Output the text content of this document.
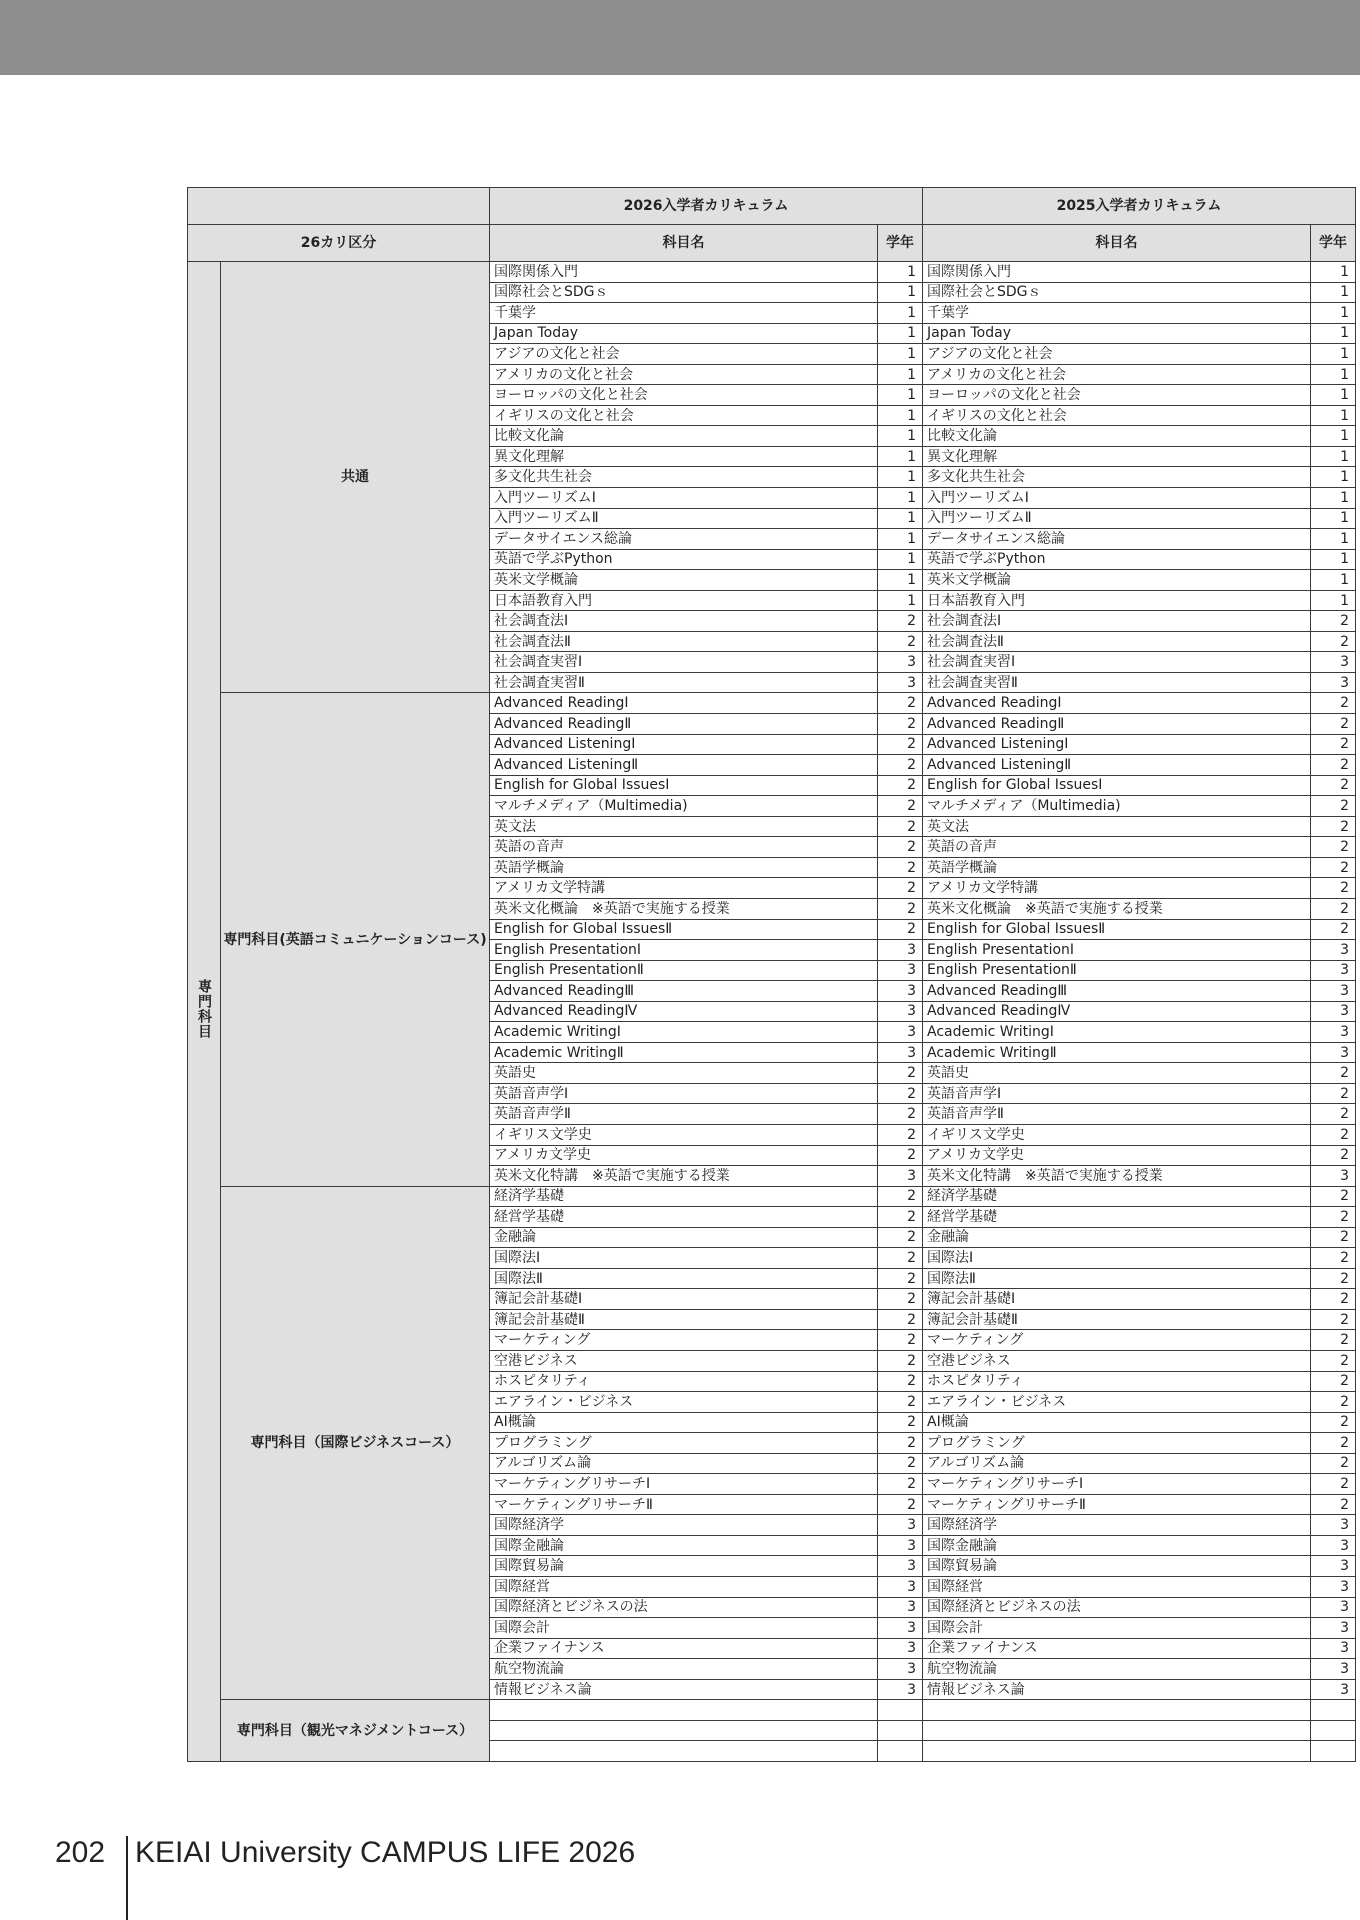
		2026入学者カリキュラム		2025入学者カリキュラム	
26カリ区分		科目名	学年	科目名	学年
専門科目	共通	国際関係入門	1	国際関係入門	1
		国際社会とSDGｓ	1	国際社会とSDGｓ	1
		千葉学	1	千葉学	1
		Japan Today	1	Japan Today	1
		アジアの文化と社会	1	アジアの文化と社会	1
		アメリカの文化と社会	1	アメリカの文化と社会	1
		ヨーロッパの文化と社会	1	ヨーロッパの文化と社会	1
		イギリスの文化と社会	1	イギリスの文化と社会	1
		比較文化論	1	比較文化論	1
		異文化理解	1	異文化理解	1
		多文化共生社会	1	多文化共生社会	1
		入門ツーリズムⅠ	1	入門ツーリズムⅠ	1
		入門ツーリズムⅡ	1	入門ツーリズムⅡ	1
		データサイエンス総論	1	データサイエンス総論	1
		英語で学ぶPython	1	英語で学ぶPython	1
		英米文学概論	1	英米文学概論	1
		日本語教育入門	1	日本語教育入門	1
		社会調査法Ⅰ	2	社会調査法Ⅰ	2
		社会調査法Ⅱ	2	社会調査法Ⅱ	2
		社会調査実習Ⅰ	3	社会調査実習Ⅰ	3
		社会調査実習Ⅱ	3	社会調査実習Ⅱ	3
	専門科目(英語コミュニケーションコース)	Advanced ReadingⅠ	2	Advanced ReadingⅠ	2
		Advanced ReadingⅡ	2	Advanced ReadingⅡ	2
		Advanced ListeningⅠ	2	Advanced ListeningⅠ	2
		Advanced ListeningⅡ	2	Advanced ListeningⅡ	2
		English for Global IssuesⅠ	2	English for Global IssuesⅠ	2
		マルチメディア（Multimedia)	2	マルチメディア（Multimedia)	2
		英文法	2	英文法	2
		英語の音声	2	英語の音声	2
		英語学概論	2	英語学概論	2
		アメリカ文学特講	2	アメリカ文学特講	2
		英米文化概論　※英語で実施する授業	2	英米文化概論　※英語で実施する授業	2
		English for Global IssuesⅡ	2	English for Global IssuesⅡ	2
		English PresentationⅠ	3	English PresentationⅠ	3
		English PresentationⅡ	3	English PresentationⅡ	3
		Advanced ReadingⅢ	3	Advanced ReadingⅢ	3
		Advanced ReadingⅣ	3	Advanced ReadingⅣ	3
		Academic WritingⅠ	3	Academic WritingⅠ	3
		Academic WritingⅡ	3	Academic WritingⅡ	3
		英語史	2	英語史	2
		英語音声学Ⅰ	2	英語音声学Ⅰ	2
		英語音声学Ⅱ	2	英語音声学Ⅱ	2
		イギリス文学史	2	イギリス文学史	2
		アメリカ文学史	2	アメリカ文学史	2
		英米文化特講　※英語で実施する授業	3	英米文化特講　※英語で実施する授業	3
	専門科目（国際ビジネスコース）	経済学基礎	2	経済学基礎	2
		経営学基礎	2	経営学基礎	2
		金融論	2	金融論	2
		国際法Ⅰ	2	国際法Ⅰ	2
		国際法Ⅱ	2	国際法Ⅱ	2
		簿記会計基礎Ⅰ	2	簿記会計基礎Ⅰ	2
		簿記会計基礎Ⅱ	2	簿記会計基礎Ⅱ	2
		マーケティング	2	マーケティング	2
		空港ビジネス	2	空港ビジネス	2
		ホスピタリティ	2	ホスピタリティ	2
		エアライン・ビジネス	2	エアライン・ビジネス	2
		AI概論	2	AI概論	2
		プログラミング	2	プログラミング	2
		アルゴリズム論	2	アルゴリズム論	2
		マーケティングリサーチⅠ	2	マーケティングリサーチⅠ	2
		マーケティングリサーチⅡ	2	マーケティングリサーチⅡ	2
		国際経済学	3	国際経済学	3
		国際金融論	3	国際金融論	3
		国際貿易論	3	国際貿易論	3
		国際経営	3	国際経営	3
		国際経済とビジネスの法	3	国際経済とビジネスの法	3
		国際会計	3	国際会計	3
		企業ファイナンス	3	企業ファイナンス	3
		航空物流論	3	航空物流論	3
		情報ビジネス論	3	情報ビジネス論	3
	専門科目（観光マネジメントコース）				

202 KEIAI University CAMPUS LIFE 2026
